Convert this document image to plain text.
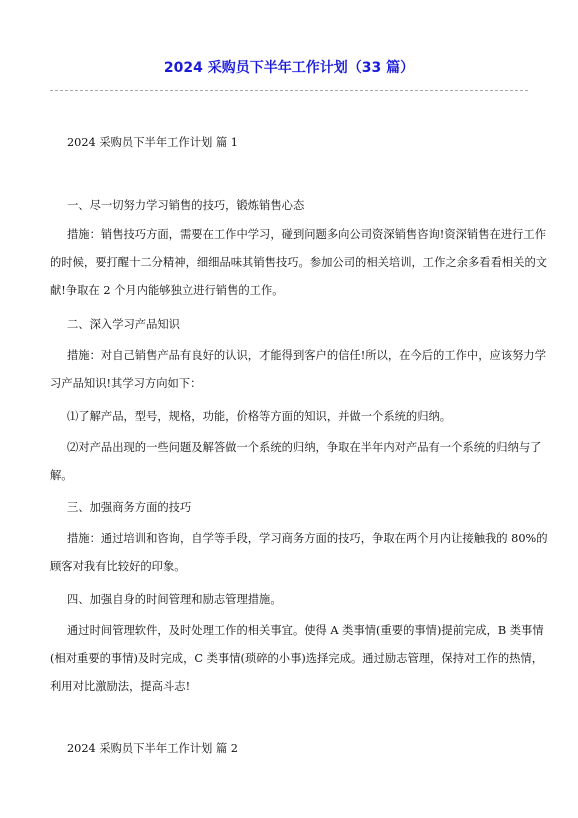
2024 采购员下半年工作计划（33 篇）

2024 采购员下半年工作计划 篇 1

一、尽一切努力学习销售的技巧，锻炼销售心态

措施：销售技巧方面，需要在工作中学习，碰到问题多向公司资深销售咨询!资深销售在进行工作的时候，要打醒十二分精神，细细品味其销售技巧。参加公司的相关培训，工作之余多看看相关的文献!争取在 2 个月内能够独立进行销售的工作。

二、深入学习产品知识

措施：对自己销售产品有良好的认识，才能得到客户的信任!所以，在今后的工作中，应该努力学习产品知识!其学习方向如下：

⑴了解产品，型号，规格，功能，价格等方面的知识，并做一个系统的归纳。

⑵对产品出现的一些问题及解答做一个系统的归纳，争取在半年内对产品有一个系统的归纳与了解。

三、加强商务方面的技巧

措施：通过培训和咨询，自学等手段，学习商务方面的技巧，争取在两个月内让接触我的 80%的顾客对我有比较好的印象。

四、加强自身的时间管理和励志管理措施。

通过时间管理软件，及时处理工作的相关事宜。使得 A 类事情(重要的事情)提前完成，B 类事情(相对重要的事情)及时完成，C 类事情(琐碎的小事)选择完成。通过励志管理，保持对工作的热情，利用对比激励法，提高斗志!

2024 采购员下半年工作计划 篇 2
